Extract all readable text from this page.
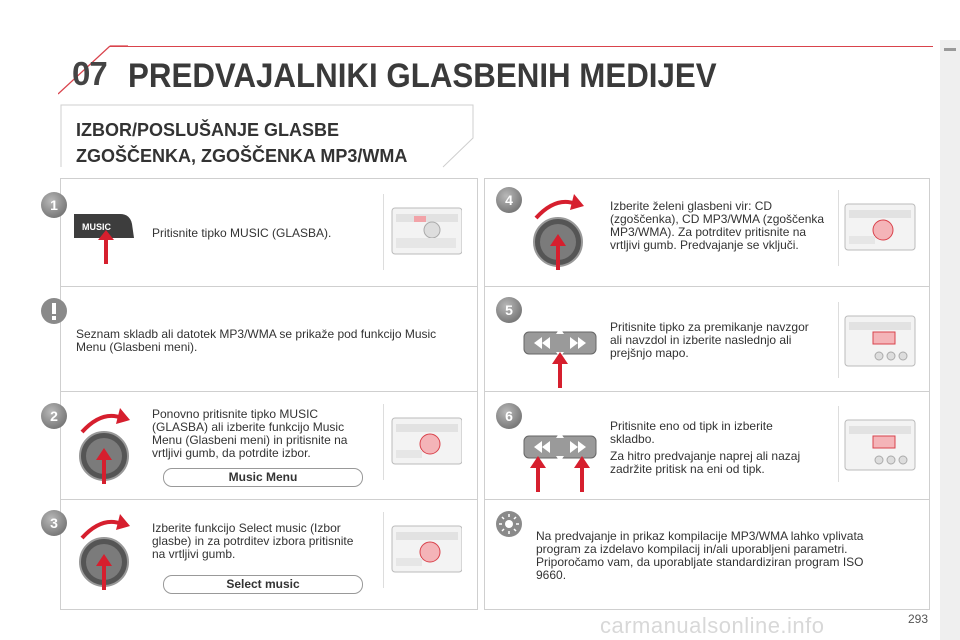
07 PREDVAJALNIKI GLASBENIH MEDIJEV
IZBOR/POSLUŠANJE GLASBE
ZGOŠČENKA, ZGOŠČENKA MP3/WMA
1
MUSIC	Pritisnite tipko MUSIC (GLASBA).
Seznam skladb ali datotek MP3/WMA se prikaže pod funkcijo Music Menu (Glasbeni meni).
2	Ponovno pritisnite tipko MUSIC (GLASBA) ali izberite funkcijo Music Menu (Glasbeni meni) in pritisnite na vrtljivi gumb, da potrdite izbor.
Music Menu
3	Izberite funkcijo Select music (Izbor glasbe) in za potrditev izbora pritisnite na vrtljivi gumb.
Select music
4	Izberite želeni glasbeni vir: CD (zgoščenka), CD MP3/WMA (zgoščenka MP3/WMA). Za potrditev pritisnite na vrtljivi gumb. Predvajanje se vključi.
5
Pritisnite tipko za premikanje navzgor ali navzdol in izberite naslednjo ali prejšnjo mapo.
6

Pritisnite eno od tipk in izberite skladbo.

Za hitro predvajanje naprej ali nazaj zadržite pritisk na eni od tipk.

Na predvajanje in prikaz kompilacije MP3/WMA lahko vplivata program za izdelavo kompilacij in/ali uporabljeni parametri. Priporočamo vam, da uporabljate standardiziran program ISO 9660.
carmanualsonline.info	293
